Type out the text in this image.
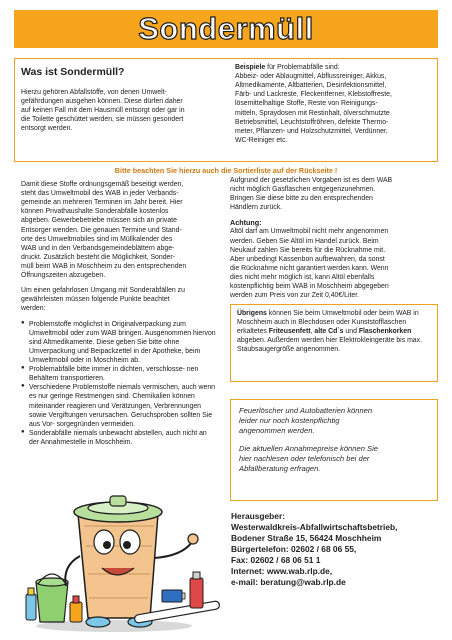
Sondermüll
Was ist Sondermüll?
Hierzu gehören Abfallstoffe, von denen Umwelt-
gefährdungen ausgehen können. Diese dürfen daher
auf keinen Fall mit dem Hausmüll entsorgt oder gar in
die Toilette geschüttet werden, sie müssen gesondert
entsorgt werden.
Beispiele für Problemabfälle sind:
Abbeiz- oder Ablaugmittel, Abflussreiniger, Akkus,
Altmedikamente, Altbatterien, Desinfektionsmittel,
Färb- und Lackreste, Fleckentferner, Klebstoffreste,
lösemittelhaltige Stoffe, Reste von Reinigungs-
mitteln, Spraydosen mit Restinhalt, ölverschmutzte
Betriebsmittel, Leuchtstoffröhren, defekte Thermo-
meter, Pflanzen- und Holzschutzmittel, Verdünner,
WC-Reiniger etc.
Bitte beachten Sie hierzu auch die Sortierliste auf der Rückseite !
Damit diese Stoffe ordnungsgemäß beseitigt werden,
steht das Umweltmobil des WAB in jeder Verbands-
gemeinde an mehreren Terminen im Jahr bereit. Hier
können Privathaushalte Sonderabfälle kostenlos
abgeben. Gewerbebetriebe müssen sich an private
Entsorger wenden. Die genauen Termine und Stand-
orte des Umweltmobiles sind im Müllkalender des
WAB und in den Verbandsgemeindeblättern abge-
druckt. Zusätzlich besteht die Möglichkeit, Sonder-
müll beim WAB in Moschheim zu den entsprechenden
Öffnungszeiten abzugeben.
Um einen gefahrlosen Umgang mit Sonderabfällen zu
gewährleisten müssen folgende Punkte beachtet
werden:
● Problemstoffe möglichst in Originalverpackung zum Umweltmobil oder zum WAB bringen. Ausgenommen hiervon sind Altmedikamente. Diese geben Sie bitte ohne Umverpackung und Beipackzettel in der Apotheke, beim Umweltmobil oder in Moschheim ab.
● Problemabfälle bitte immer in dichten, verschlosse- nen Behältern transportieren.
● Verschiedene Problemstoffe niemals vermischen, auch wenn es nur geringe Restmengen sind. Chemikalien können miteinander reagieren und Verätzungen, Verbrennungen sowie Vergiftungen verursachen. Geruchsproben sollten Sie aus Vor- sorgegründen vermeiden.
● Sonderabfälle niemals unbewacht abstellen, auch nicht an der Annahmestelle in Moschheim.
Aufgrund der gesetzlichen Vorgaben ist es dem WAB
nicht möglich Gasflaschen entgegenzunehmen.
Bringen Sie diese bitte zu den entsprechenden
Händlern zurück.
Achtung:
Altöl darf am Umweltmobil nicht mehr angenommen
werden. Geben Sie Altöl im Handel zurück. Beim
Neukauf zahlen Sie bereits für die Rücknahme mit.
Aber unbedingt Kassenbon aufbewahren, da sonst
die Rücknahme nicht garantiert werden kann. Wenn
dies nicht mehr möglich ist, kann Altöl ebenfalls
kostenpflichtig beim WAB in Moschheim abgegeben
werden zum Preis von zur Zeit 0,40€/Liter.
Übrigens können Sie beim Umweltmobil oder beim WAB in Moschheim auch in Blechdosen oder Kunststofflaschen erkaltetes Friteusenfett, alte Cd`s und Flaschenkorken abgeben. Außerdem werden hier Elektrokleingeräte bis max. Staubsaugergröße angenommen.
Feuerlöscher und Autobatterien können
leider nur noch kostenpflichtig
angenommen werden.
Die aktuellen Annahmepreise können Sie
hier nachlesen oder telefonisch bei der
Abfallberatung erfragen.
Herausgeber:
Westerwaldkreis-Abfallwirtschaftsbetrieb,
Bodener Straße 15, 56424 Moschheim
Bürgertelefon: 02602 / 68 06 55,
Fax: 02602 / 68 06 51 1
Internet: www.wab.rlp.de,
e-mail: beratung@wab.rlp.de
